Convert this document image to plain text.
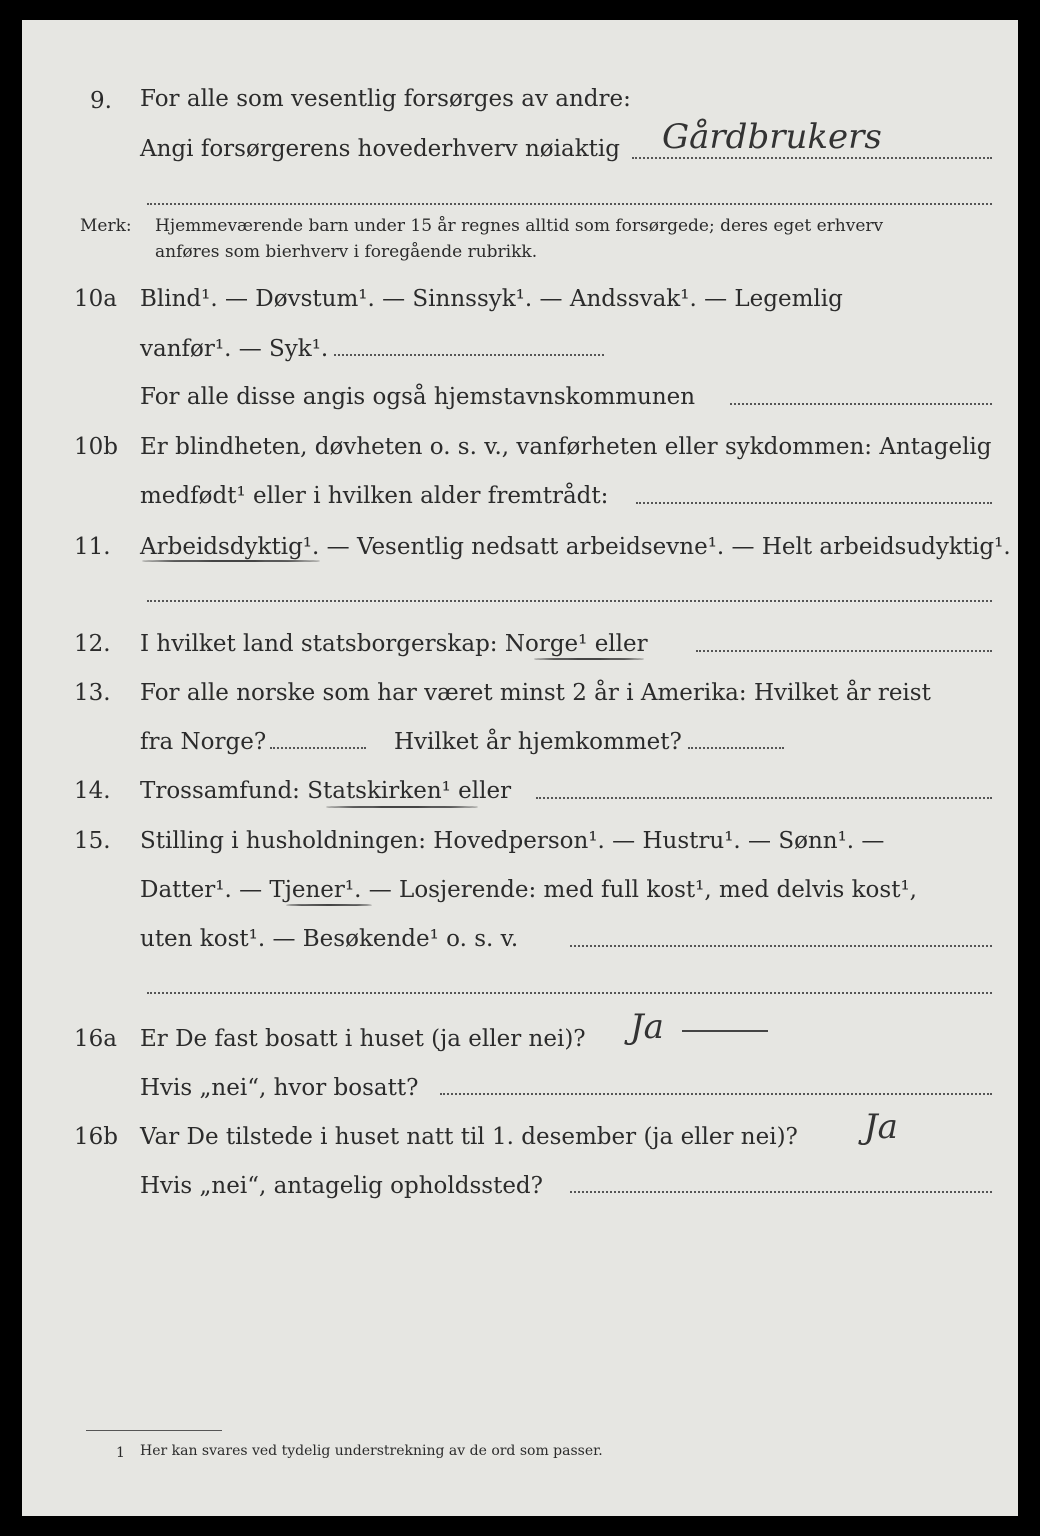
9. For alle som vesentlig forsørges av andre:
Angi forsørgerens hovederhverv nøiaktig Gårdbrukers
Merk: Hjemmeværende barn under 15 år regnes alltid som forsørgede; deres eget erhverv
anføres som bierhverv i foregående rubrikk.
10a Blind¹. — Døvstum¹. — Sinnssyk¹. — Andssvak¹. — Legemlig
vanfør¹. — Syk¹.
For alle disse angis også hjemstavnskommunen
10b Er blindheten, døvheten o. s. v., vanførheten eller sykdommen: Antagelig
medfødt¹ eller i hvilken alder fremtrådt:
11. Arbeidsdyktig¹. — Vesentlig nedsatt arbeidsevne¹. — Helt arbeidsudyktig¹.
12. I hvilket land statsborgerskap: Norge¹ eller
13. For alle norske som har været minst 2 år i Amerika: Hvilket år reist
fra Norge?	Hvilket år hjemkommet?
14. Trossamfund: Statskirken¹ eller
15. Stilling i husholdningen: Hovedperson¹. — Hustru¹. — Sønn¹. —
Datter¹. — Tjener¹. — Losjerende: med full kost¹, med delvis kost¹,
uten kost¹. — Besøkende¹ o. s. v.
16a Er De fast bosatt i huset (ja eller nei)? Ja
Hvis „nei“, hvor bosatt?
16b Var De tilstede i huset natt til 1. desember (ja eller nei)? Ja
Hvis „nei“, antagelig opholdssted?
1 Her kan svares ved tydelig understrekning av de ord som passer.
